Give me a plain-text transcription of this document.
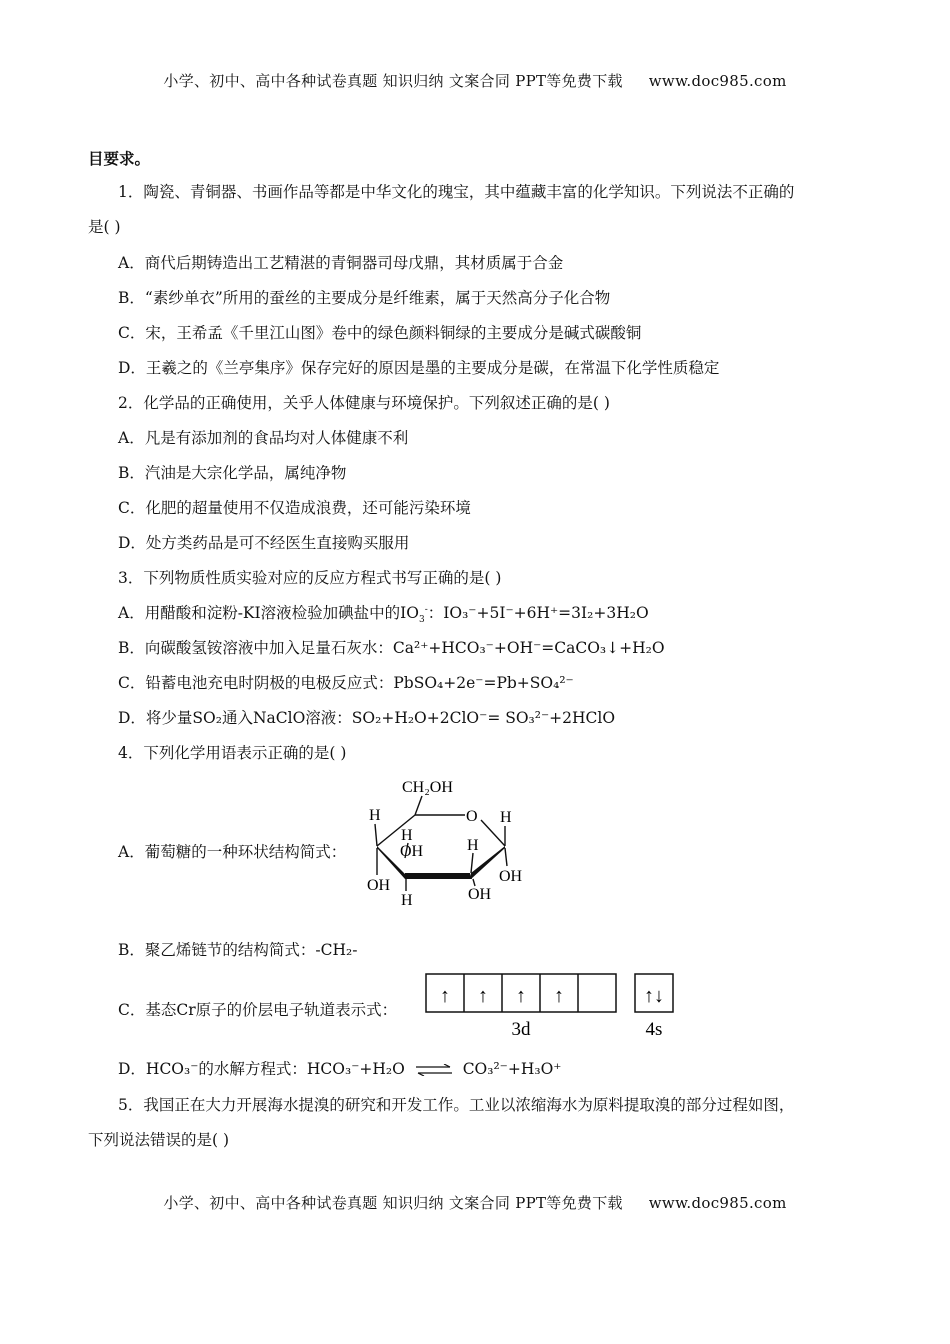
小学、初中、高中各种试卷真题 知识归纳 文案合同 PPT等免费下载 www.doc985.com
目要求。
1．陶瓷、青铜器、书画作品等都是中华文化的瑰宝，其中蕴藏丰富的化学知识。下列说法不正确的
是( )
A．商代后期铸造出工艺精湛的青铜器司母戊鼎，其材质属于合金
B．“素纱单衣”所用的蚕丝的主要成分是纤维素，属于天然高分子化合物
C．宋，王希孟《千里江山图》卷中的绿色颜料铜绿的主要成分是碱式碳酸铜
D．王羲之的《兰亭集序》保存完好的原因是墨的主要成分是碳，在常温下化学性质稳定
2．化学品的正确使用，关乎人体健康与环境保护。下列叙述正确的是( )
A．凡是有添加剂的食品均对人体健康不利
B．汽油是大宗化学品，属纯净物
C．化肥的超量使用不仅造成浪费，还可能污染环境
D．处方类药品是可不经医生直接购买服用
3．下列物质性质实验对应的反应方程式书写正确的是( )
A．用醋酸和淀粉-KI溶液检验加碘盐中的$IO_3^-$：IO₃⁻+5I⁻+6H⁺=3I₂+3H₂O
B．向碳酸氢铵溶液中加入足量石灰水：Ca²⁺+HCO₃⁻+OH⁻=CaCO₃↓+H₂O
C．铅蓄电池充电时阴极的电极反应式：PbSO₄+2e⁻=Pb+SO₄²⁻
D．将少量SO₂通入NaClO溶液：SO₂+H₂O+2ClO⁻= SO₃²⁻+2HClO
4．下列化学用语表示正确的是( )
A．葡萄糖的一种环状结构简式：
CH₂OH
O
H
H
OH
OH
H
H
OH
H
OH
B．聚乙烯链节的结构简式：-CH₂-
C．基态Cr原子的价层电子轨道表示式：
↑ ↑ ↑ ↑	↑↓
3d	4s
D．HCO₃⁻的水解方程式：HCO₃⁻+H₂O ⇌ CO₃²⁻+H₃O⁺
5．我国正在大力开展海水提溴的研究和开发工作。工业以浓缩海水为原料提取溴的部分过程如图，
下列说法错误的是( )
小学、初中、高中各种试卷真题 知识归纳 文案合同 PPT等免费下载 www.doc985.com
